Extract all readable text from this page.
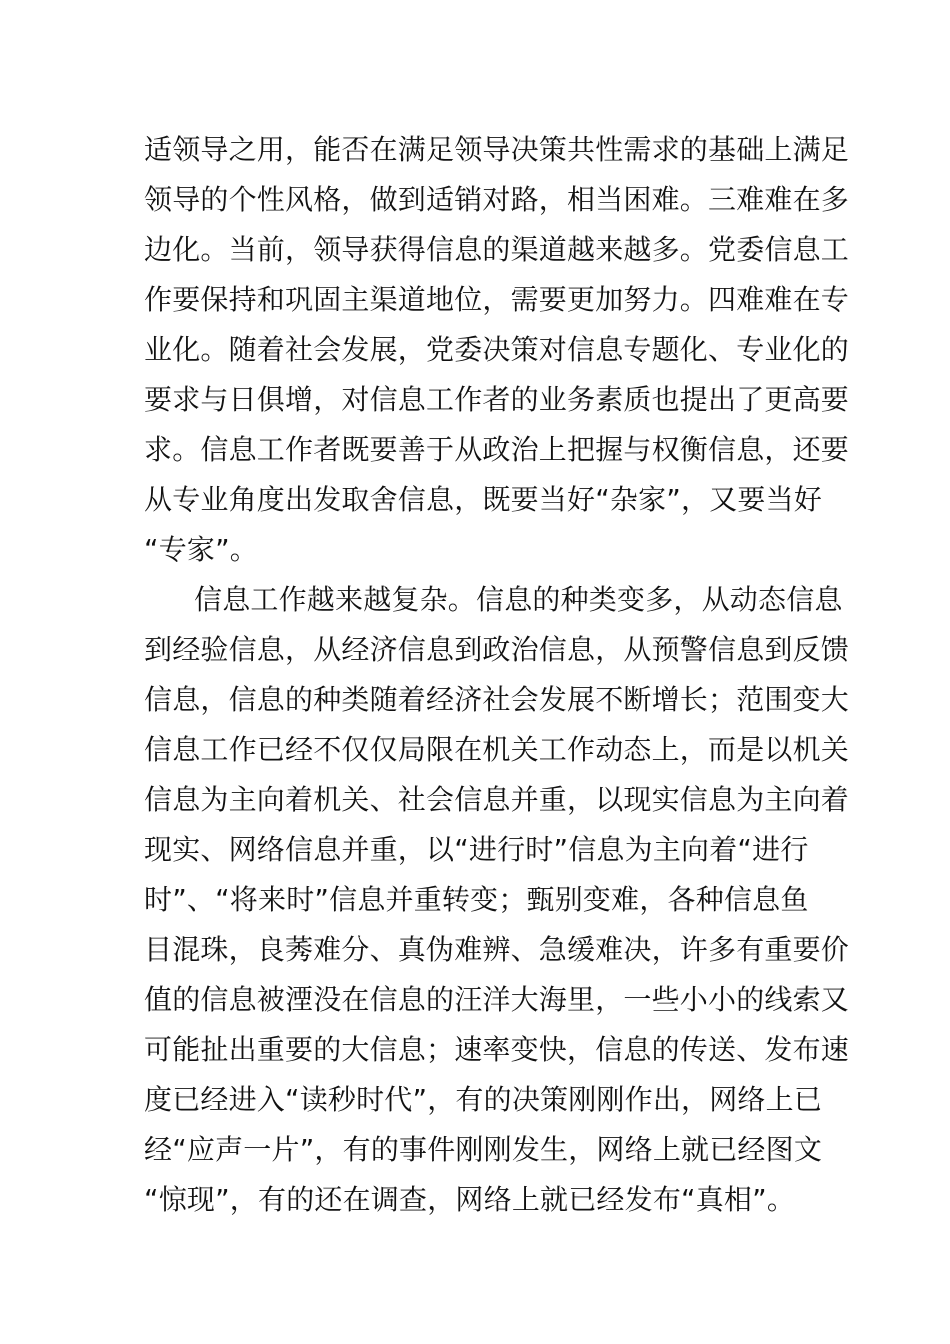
适领导之用，能否在满足领导决策共性需求的基础上满足
领导的个性风格，做到适销对路，相当困难。三难难在多
边化。当前，领导获得信息的渠道越来越多。党委信息工
作要保持和巩固主渠道地位，需要更加努力。四难难在专
业化。随着社会发展，党委决策对信息专题化、专业化的
要求与日俱增，对信息工作者的业务素质也提出了更高要
求。信息工作者既要善于从政治上把握与权衡信息，还要
从专业角度出发取舍信息，既要当好“杂家”，又要当好
“专家”。
信息工作越来越复杂。信息的种类变多，从动态信息
到经验信息，从经济信息到政治信息，从预警信息到反馈
信息，信息的种类随着经济社会发展不断增长；范围变大
信息工作已经不仅仅局限在机关工作动态上，而是以机关
信息为主向着机关、社会信息并重，以现实信息为主向着
现实、网络信息并重，以“进行时”信息为主向着“进行
时”、“将来时”信息并重转变；甄别变难，各种信息鱼
目混珠，良莠难分、真伪难辨、急缓难决，许多有重要价
值的信息被湮没在信息的汪洋大海里，一些小小的线索又
可能扯出重要的大信息；速率变快，信息的传送、发布速
度已经进入“读秒时代”，有的决策刚刚作出，网络上已
经“应声一片”，有的事件刚刚发生，网络上就已经图文
“惊现”，有的还在调查，网络上就已经发布“真相”。
